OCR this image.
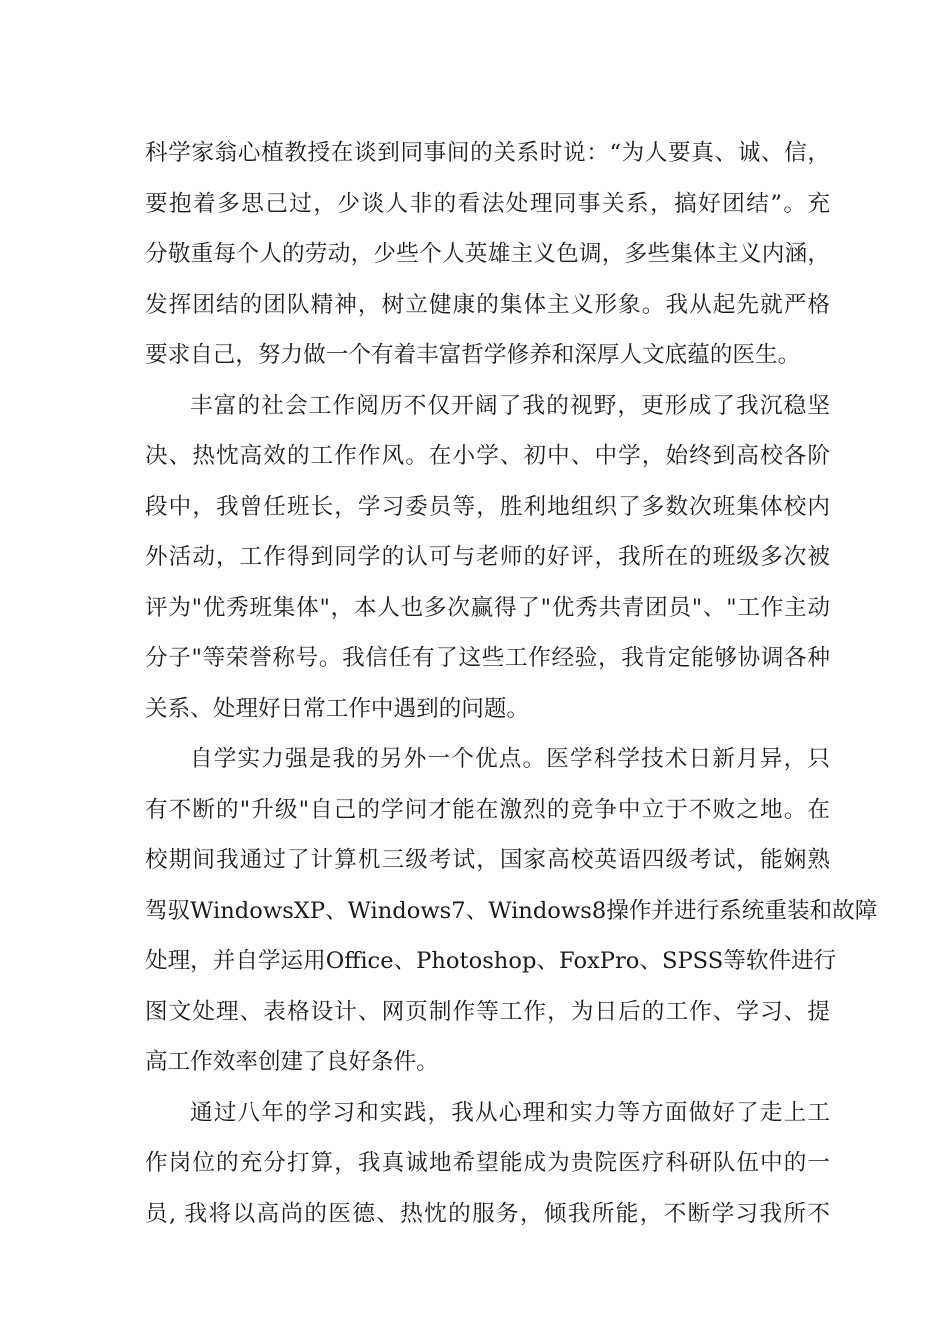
科学家翁心植教授在谈到同事间的关系时说：“为人要真、诚、信，
要抱着多思己过，少谈人非的看法处理同事关系，搞好团结”。充
分敬重每个人的劳动，少些个人英雄主义色调，多些集体主义内涵，
发挥团结的团队精神，树立健康的集体主义形象。我从起先就严格
要求自己，努力做一个有着丰富哲学修养和深厚人文底蕴的医生。

丰富的社会工作阅历不仅开阔了我的视野，更形成了我沉稳坚
决、热忱高效的工作作风。在小学、初中、中学，始终到高校各阶
段中，我曾任班长，学习委员等，胜利地组织了多数次班集体校内
外活动，工作得到同学的认可与老师的好评，我所在的班级多次被
评为"优秀班集体"，本人也多次赢得了"优秀共青团员"、"工作主动
分子"等荣誉称号。我信任有了这些工作经验，我肯定能够协调各种
关系、处理好日常工作中遇到的问题。

自学实力强是我的另外一个优点。医学科学技术日新月异，只
有不断的"升级"自己的学问才能在激烈的竞争中立于不败之地。在
校期间我通过了计算机三级考试，国家高校英语四级考试，能娴熟
驾驭WindowsXP、Windows7、Windows8操作并进行系统重装和故障
处理，并自学运用Office、Photoshop、FoxPro、SPSS等软件进行
图文处理、表格设计、网页制作等工作，为日后的工作、学习、提
高工作效率创建了良好条件。

通过八年的学习和实践，我从心理和实力等方面做好了走上工
作岗位的充分打算，我真诚地希望能成为贵院医疗科研队伍中的一
员, 我将以高尚的医德、热忱的服务，倾我所能，不断学习我所不
